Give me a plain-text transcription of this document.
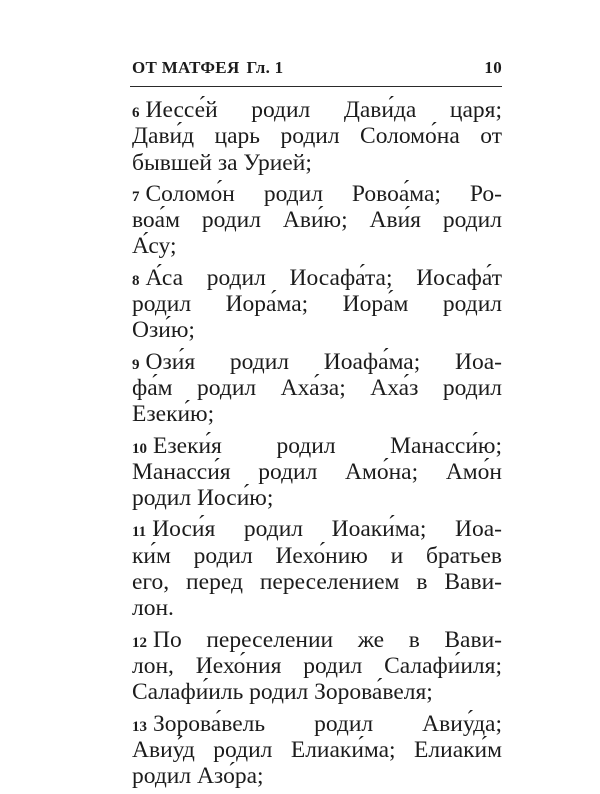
ОТ МАТФЕЯ Гл. 1	10
6 Иессе́й родил Дави́да царя;
Дави́д царь родил Соломо́на от
бывшей за Урией;
7 Соломо́н родил Ровоа́ма; Ро-
воа́м родил Ави́ю; Ави́я родил
А́су;
8 А́са родил Иосафа́та; Иосафа́т
родил Иора́ма; Иора́м родил
Ози́ю;
9 Ози́я родил Иоафа́ма; Иоа-
фа́м родил Аха́за; Аха́з родил
Езеки́ю;
10 Езеки́я родил Манасси́ю;
Манасси́я родил Амо́на; Амо́н
родил Иоси́ю;
11 Иоси́я родил Иоаки́ма; Иоа-
ки́м родил Иехо́нию и братьев
его, перед переселением в Вави-
лон.
12 По переселении же в Вави-
лон, Иехо́ния родил Салафи́иля;
Салафи́иль родил Зорова́веля;
13 Зорова́вель родил Авиу́да;
Авиу́д родил Елиаки́ма; Елиаки́м
родил Азо́ра;
